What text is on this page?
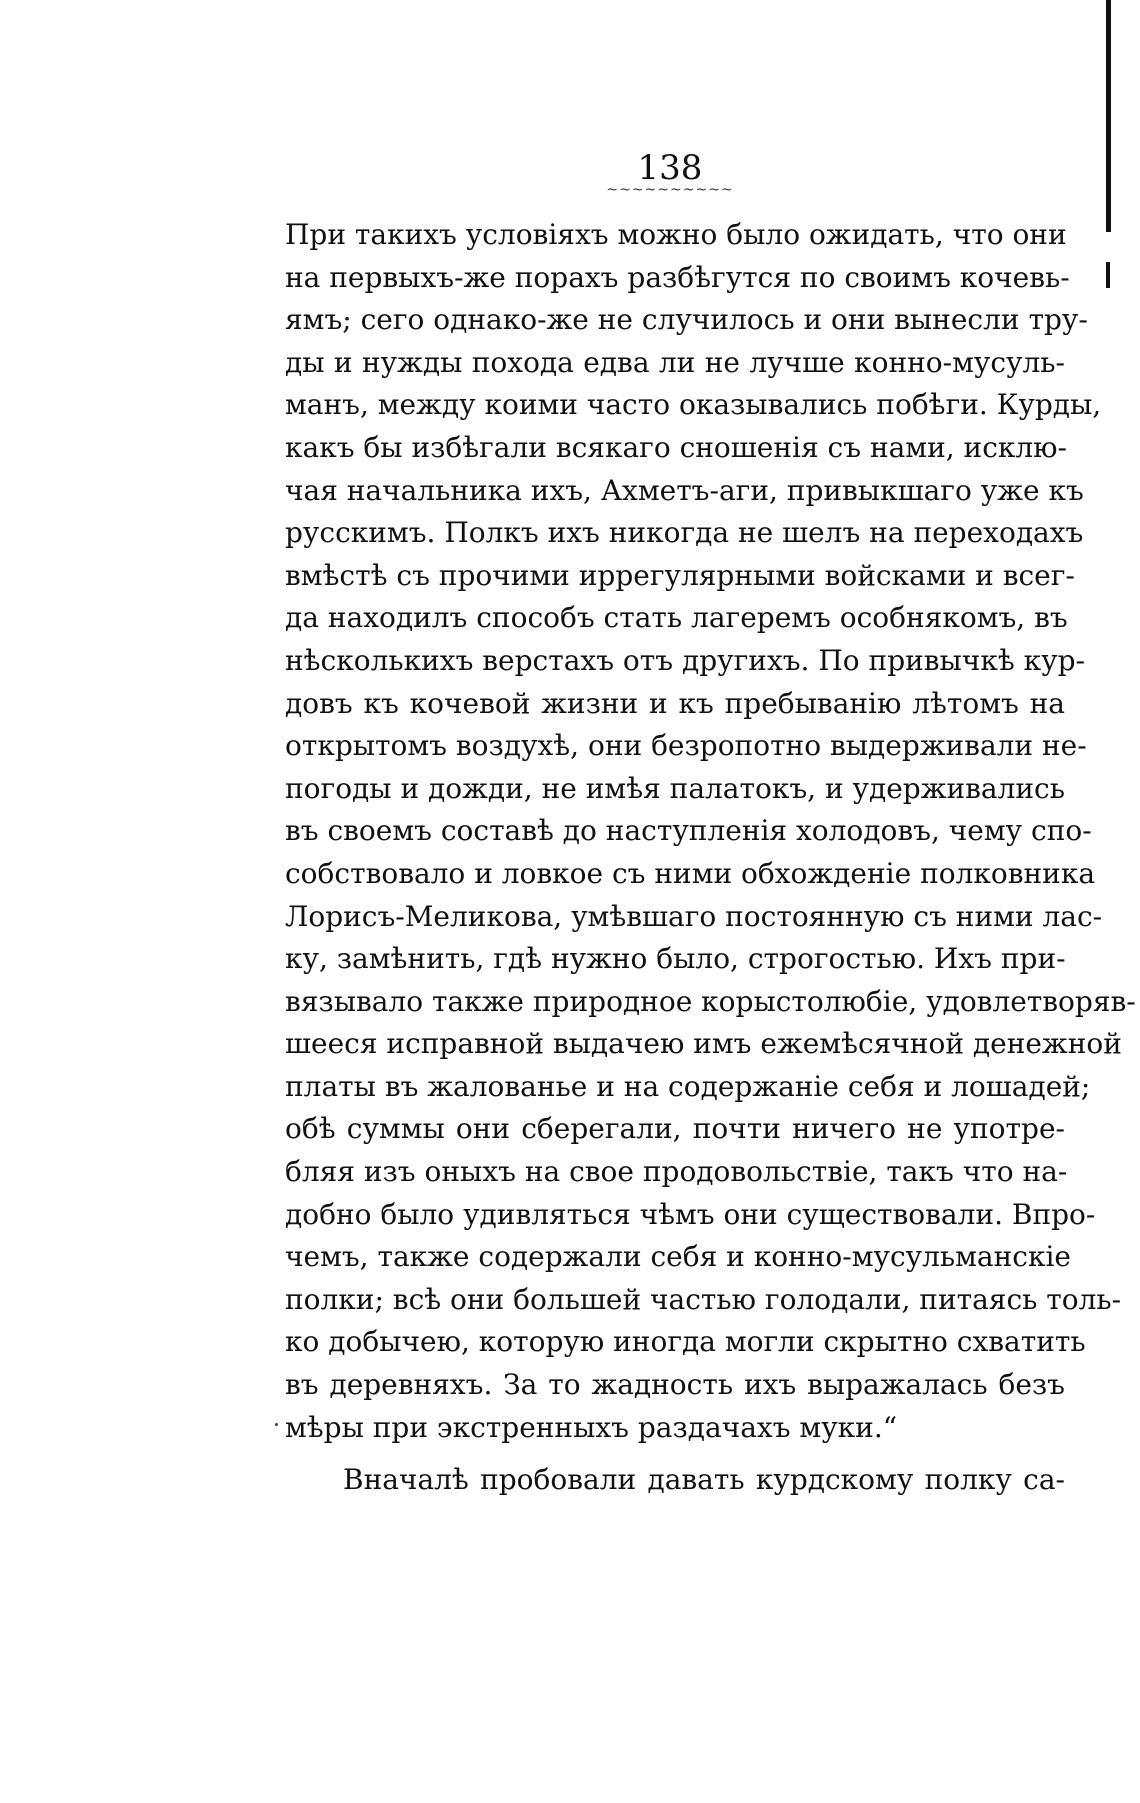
138
~~~~~~~~~~
При такихъ условіяхъ можно было ожидать, что они
на первыхъ-же порахъ разбѣгутся по своимъ кочевь-
ямъ; сего однако-же не случилось и они вынесли тру-
ды и нужды похода едва ли не лучше конно-мусуль-
манъ, между коими часто оказывались побѣги. Курды,
какъ бы избѣгали всякаго сношенія съ нами, исклю-
чая начальника ихъ, Ахметъ-аги, привыкшаго уже къ
русскимъ. Полкъ ихъ никогда не шелъ на переходахъ
вмѣстѣ съ прочими иррегулярными войсками и всег-
да находилъ способъ стать лагеремъ особнякомъ, въ
нѣсколькихъ верстахъ отъ другихъ. По привычкѣ кур-
довъ къ кочевой жизни и къ пребыванію лѣтомъ на
открытомъ воздухѣ, они безропотно выдерживали не-
погоды и дожди, не имѣя палатокъ, и удерживались
въ своемъ составѣ до наступленія холодовъ, чему спо-
собствовало и ловкое съ ними обхожденіе полковника
Лорисъ-Меликова, умѣвшаго постоянную съ ними лас-
ку, замѣнить, гдѣ нужно было, строгостью. Ихъ при-
вязывало также природное корыстолюбіе, удовлетворяв-
шееся исправной выдачею имъ ежемѣсячной денежной
платы въ жалованье и на содержаніе себя и лошадей;
обѣ суммы они сберегали, почти ничего не употре-
бляя изъ оныхъ на свое продовольствіе, такъ что на-
добно было удивляться чѣмъ они существовали. Впро-
чемъ, также содержали себя и конно-мусульманскіе
полки; всѣ они большей частью голодали, питаясь толь-
ко добычею, которую иногда могли скрытно схватить
въ деревняхъ. За то жадность ихъ выражалась безъ
мѣры при экстренныхъ раздачахъ муки.“
Вначалѣ пробовали давать курдскому полку са-
